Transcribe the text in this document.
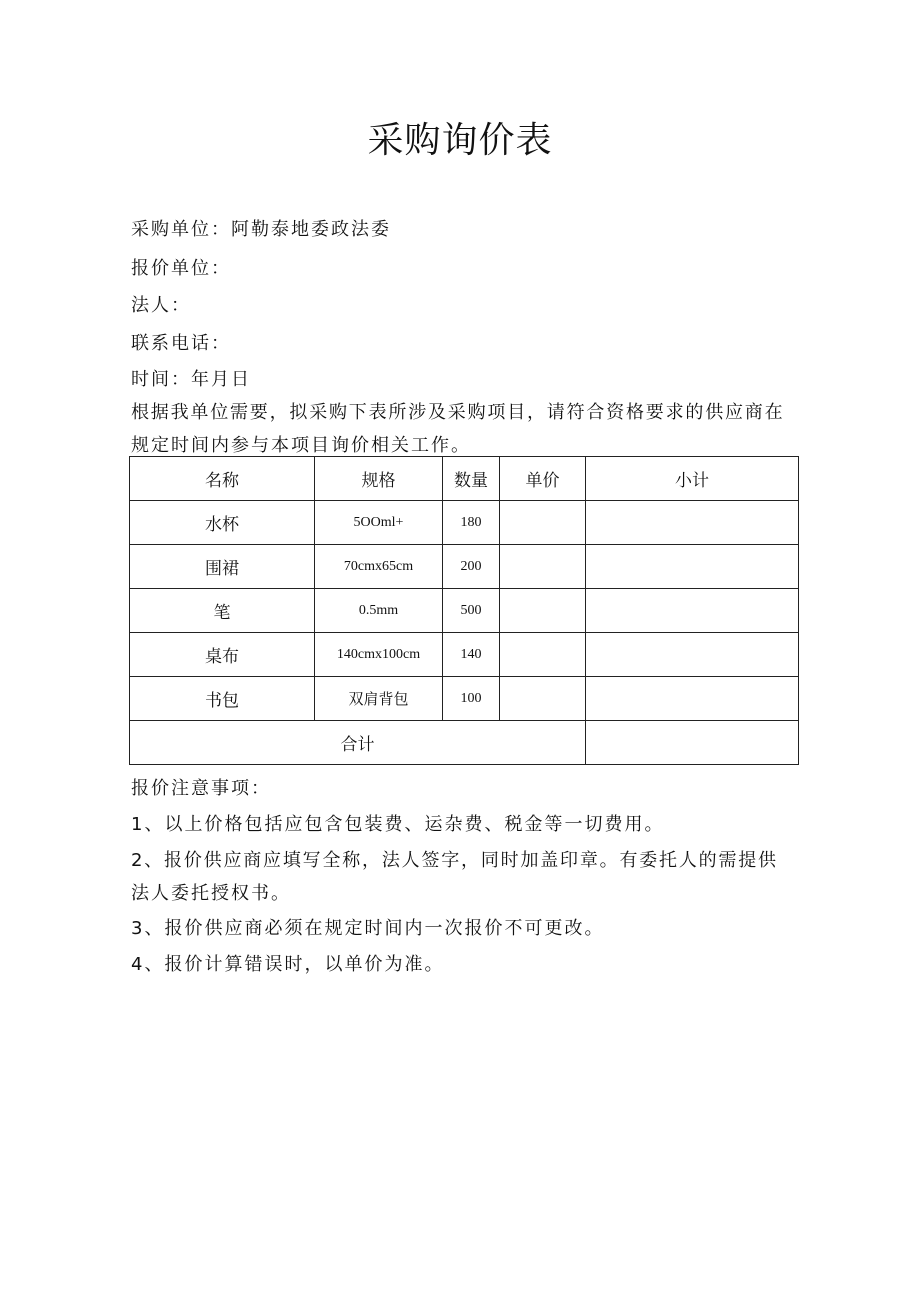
采购询价表
采购单位：阿勒泰地委政法委
报价单位：
法人：
联系电话：
时间：年月日
根据我单位需要，拟采购下表所涉及采购项目，请符合资格要求的供应商在
规定时间内参与本项目询价相关工作。
名称	规格	数量	单价	小计
水杯	5OOml+	180		
围裙	70cmx65cm	200		
笔	0.5mm	500		
桌布	140cmx100cm	140		
书包	双肩背包	100		
合计				
报价注意事项：
1、以上价格包括应包含包装费、运杂费、税金等一切费用。
2、报价供应商应填写全称，法人签字，同时加盖印章。有委托人的需提供
法人委托授权书。
3、报价供应商必须在规定时间内一次报价不可更改。
4、报价计算错误时，以单价为准。
